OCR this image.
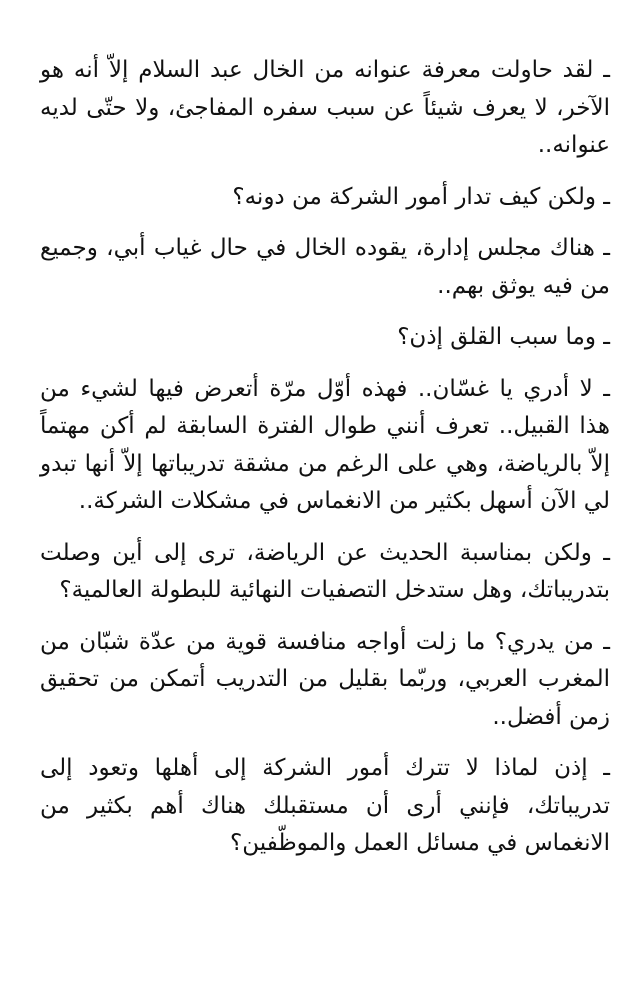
ـ لقد حاولت معرفة عنوانه من الخال عبد السلام إلاّ أنه هو الآخر، لا يعرف شيئاً عن سبب سفره المفاجئ، ولا حتّى لديه عنوانه..

ـ ولكن كيف تدار أمور الشركة من دونه؟

ـ هناك مجلس إدارة، يقوده الخال في حال غياب أبي، وجميع من فيه يوثق بهم..

ـ وما سبب القلق إذن؟

ـ لا أدري يا غسّان.. فهذه أوّل مرّة أتعرض فيها لشيء من هذا القبيل.. تعرف أنني طوال الفترة السابقة لم أكن مهتماً إلاّ بالرياضة، وهي على الرغم من مشقة تدريباتها إلاّ أنها تبدو لي الآن أسهل بكثير من الانغماس في مشكلات الشركة..

ـ ولكن بمناسبة الحديث عن الرياضة، ترى إلى أين وصلت بتدريباتك، وهل ستدخل التصفيات النهائية للبطولة العالمية؟

ـ من يدري؟ ما زلت أواجه منافسة قوية من عدّة شبّان من المغرب العربي، وربّما بقليل من التدريب أتمكن من تحقيق زمن أفضل..

ـ إذن لماذا لا تترك أمور الشركة إلى أهلها وتعود إلى تدريباتك، فإنني أرى أن مستقبلك هناك أهم بكثير من الانغماس في مسائل العمل والموظّفين؟
